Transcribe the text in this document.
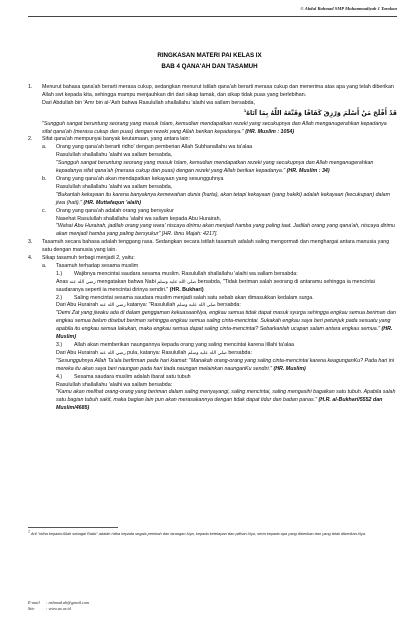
© Abdul Rahmad SMP Muhammadiyah 1 Tarakan
RINGKASAN MATERI PAI KELAS IX
BAB 4 QANA'AH DAN TASAMUH
1.	Menurut bahasa qana'ah berarti merasa cukup, sedangkan menurut istilah qana'ah berarti merasa cukup dan menerima atas apa yang telah diberikan Allah swt kepada kita, sehingga mampu menjauhkan diri dari sikap tamak, dan sikap tidak puas yang berlebihan.
Dari Abdullah bin 'Amr bin al-'Ash bahwa Rasulullah shallallahu 'alaihi wa sallam bersabda,
قَدْ أَفْلَحَ مَنْ أَسْلَمَ وَرُزِقَ كَفَافًا وَقَنَّعَهُ اللَّهُ بِمَا آتَاهُ$^1$
"Sungguh sangat beruntung seorang yang masuk Islam, kemudian mendapatkan rezeki yang secukupnya dan Allah menganugerahkan kepadanya sifat qana'ah (merasa cukup dan puas) dengan rezeki yang Allah berikan kepadanya." (HR. Muslim : 1054)
2.	Sifat qana'ah mempunyai banyak keutamaan, yang antara lain:
a.	Orang yang qana'ah berarti ridho' dengan pemberian Allah Subhanallahu wa ta'alaa
Rasulullah shallallahu 'alaihi wa sallam bersabda,
"Sungguh sangat beruntung seorang yang masuk Islam, kemudian mendapatkan rezeki yang secukupnya dan Allah menganugerahkan kepadanya sifat qana'ah (merasa cukup dan puas) dengan rezeki yang Allah berikan kepadanya." (HR. Muslim : 34)
b.	Orang yang qana'ah akan mendapatkan kekayaan yang sesungguhnya
Rasulullah shallallahu 'alaihi wa sallam bersabda,
"Bukanlah kekayaan itu karena banyaknya kemewahan dunia (harta), akan tetapi kekayaan (yang hakiki) adalah kekayaan (kecukupan) dalam jiwa (hati)." (HR. Muttafaqun 'alaih)
c.	Orang yang qana'ah adalah orang yang bersyukur
Nasehat Rasulullah shallallahu 'alaihi wa sallam kepada Abu Hurairah,
"Wahai Abu Hurairah, jadilah orang yang wara' niscaya dirimu akan menjadi hamba yang paling taat. Jadilah orang yang qana'ah, niscaya dirimu akan menjadi hamba yang paling bersyukur" [HR. Ibnu Majah: 4217].
3.	Tasamuh secara bahasa adalah tenggang rasa. Sedangkan secara istilah tasamuh adalah saling mengormati dan menghargai antara manusia yang satu dengan manusia yang lain.
4.	Sikap tasamuh terbagi menjadi 2, yaitu:
a.	Tasamuh terhadap sesama muslim
1.)	Wajibnya mencintai saudara sesama muslim. Rasulullah shallallahu 'alaihi wa sallam bersabda:
Anas رضي الله عنه mengatakan bahwa Nabi صلى الله عليه وسلم bersabda, "Tidak beriman salah seorang di antaramu sehingga ia mencintai saudaranya seperti ia mencintai dirinya sendiri." (HR. Bukhari)
2.)	Saling mencintai sesama saudara muslim menjadi salah satu sebab akan dimasukkan kedalam surga.
Dari Abu Hurairah رضي الله عنه katanya: "Rasulullah صلى الله عليه وسلم bersabda:
"Demi Zat yang jiwaku ada di dalam genggaman kekuasaanNya, engkau semua tidak dapat masuk syurga sehingga engkau semua beriman dan engkau semua belum disebut beriman sehingga engkau semua saling cinta-mencintai. Sukakah engkau saya beri petunjuk pada sesuatu yang apabila itu engkau semua lakukan, maka engkau semua dapat saling cinta-mencintai? Sebarkanlah ucapan salam antara engkau semua." (HR. Muslim)
3.)	Allah akan memberikan naungannya kepada orang yang saling mencintai karena lillahi ta'alaa
Dari Abu Hurairah رضي الله عنه pula, katanya: Rasulullah صلى الله عليه وسلم bersabda:
"Sesungguhnya Allah Ta'ala berfirman pada hari kiamat: "Manakah orang-orang yang saling cinta-mencintai karena keagunganKu? Pada hari ini mereka itu akan saya beri naungan pada hari tiada naungan melainkan naunganKu sendiri." (HR. Muslim)
4.)	Sesama saudara muslim adalah ibarat satu tubuh
Rasulullah shallallahu 'alaihi wa sallam bersabda:
"Kamu akan melihat orang-orang yang beriman dalam saling menyayangi, saling mencintai, saling mengasihi bagaikan satu tubuh. Apabila salah satu bagian tubuh sakit, maka bagian lain pun akan merasakannya dengan tidak dapat tidur dan badan panas." (H.R. al-Bukhari/5552 dan Muslim/4685)
1 Arti "ridha kepada Allah sebagai Rabb" adalah ridha kepada segala perintah dan larangan-Nya, kepada ketetapan dan pilihan-Nya, serta kepada apa yang diberikan dan yang tidak diberikan-Nya.
E-mail : rahmad.ab@gmail.com
Site	: www.ax.or.id
